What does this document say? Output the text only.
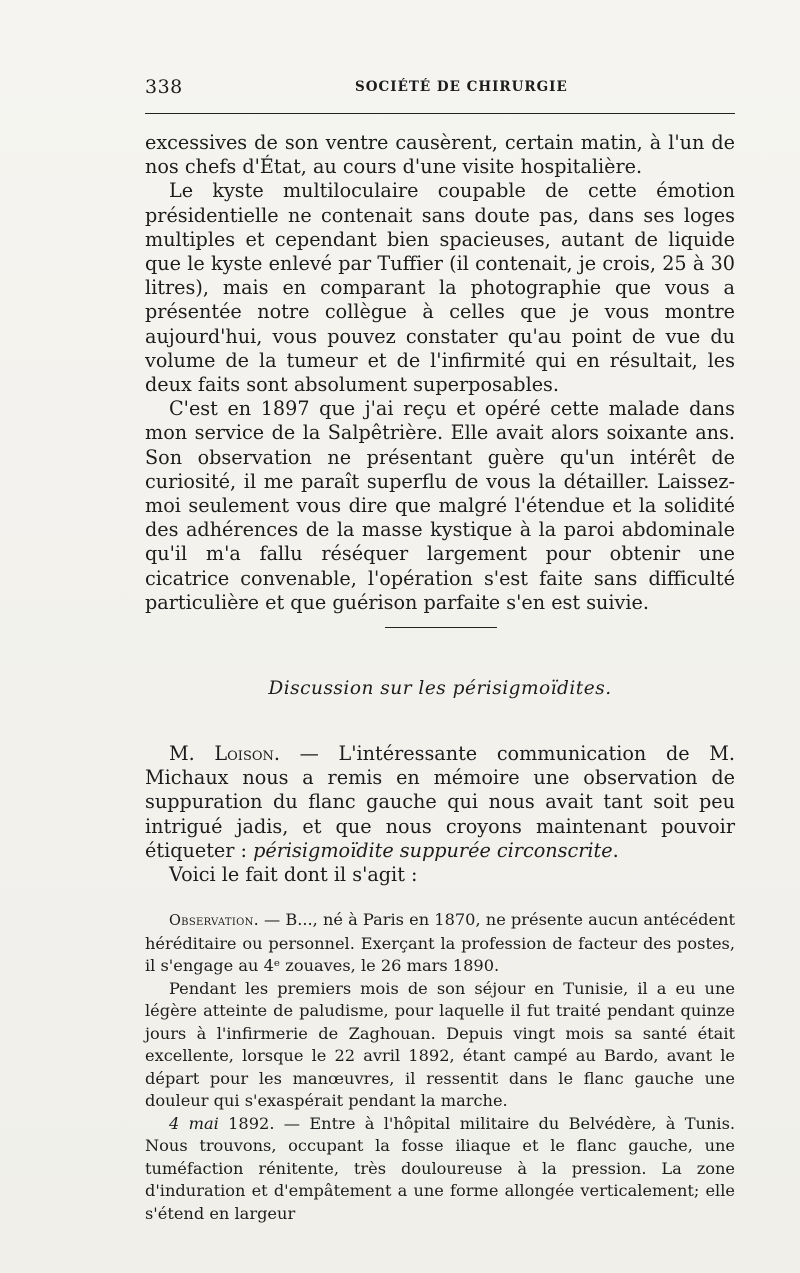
338	SOCIÉTÉ DE CHIRURGIE

excessives de son ventre causèrent, certain matin, à l'un de nos chefs d'État, au cours d'une visite hospitalière.

Le kyste multiloculaire coupable de cette émotion présidentielle ne contenait sans doute pas, dans ses loges multiples et cependant bien spacieuses, autant de liquide que le kyste enlevé par Tuffier (il contenait, je crois, 25 à 30 litres), mais en comparant la photographie que vous a présentée notre collègue à celles que je vous montre aujourd'hui, vous pouvez constater qu'au point de vue du volume de la tumeur et de l'infirmité qui en résultait, les deux faits sont absolument superposables.

C'est en 1897 que j'ai reçu et opéré cette malade dans mon service de la Salpêtrière. Elle avait alors soixante ans. Son observation ne présentant guère qu'un intérêt de curiosité, il me paraît superflu de vous la détailler. Laissez-moi seulement vous dire que malgré l'étendue et la solidité des adhérences de la masse kystique à la paroi abdominale qu'il m'a fallu réséquer largement pour obtenir une cicatrice convenable, l'opération s'est faite sans difficulté particulière et que guérison parfaite s'en est suivie.

Discussion sur les périsigmoïdites.

M. Loison. — L'intéressante communication de M. Michaux nous a remis en mémoire une observation de suppuration du flanc gauche qui nous avait tant soit peu intrigué jadis, et que nous croyons maintenant pouvoir étiqueter : périsigmoïdite suppurée circonscrite.

Voici le fait dont il s'agit :

Observation. — B..., né à Paris en 1870, ne présente aucun antécédent héréditaire ou personnel. Exerçant la profession de facteur des postes, il s'engage au 4ᵉ zouaves, le 26 mars 1890.

Pendant les premiers mois de son séjour en Tunisie, il a eu une légère atteinte de paludisme, pour laquelle il fut traité pendant quinze jours à l'infirmerie de Zaghouan. Depuis vingt mois sa santé était excellente, lorsque le 22 avril 1892, étant campé au Bardo, avant le départ pour les manœuvres, il ressentit dans le flanc gauche une douleur qui s'exaspérait pendant la marche.

4 mai 1892. — Entre à l'hôpital militaire du Belvédère, à Tunis. Nous trouvons, occupant la fosse iliaque et le flanc gauche, une tuméfaction rénitente, très douloureuse à la pression. La zone d'induration et d'empâtement a une forme allongée verticalement; elle s'étend en largeur
